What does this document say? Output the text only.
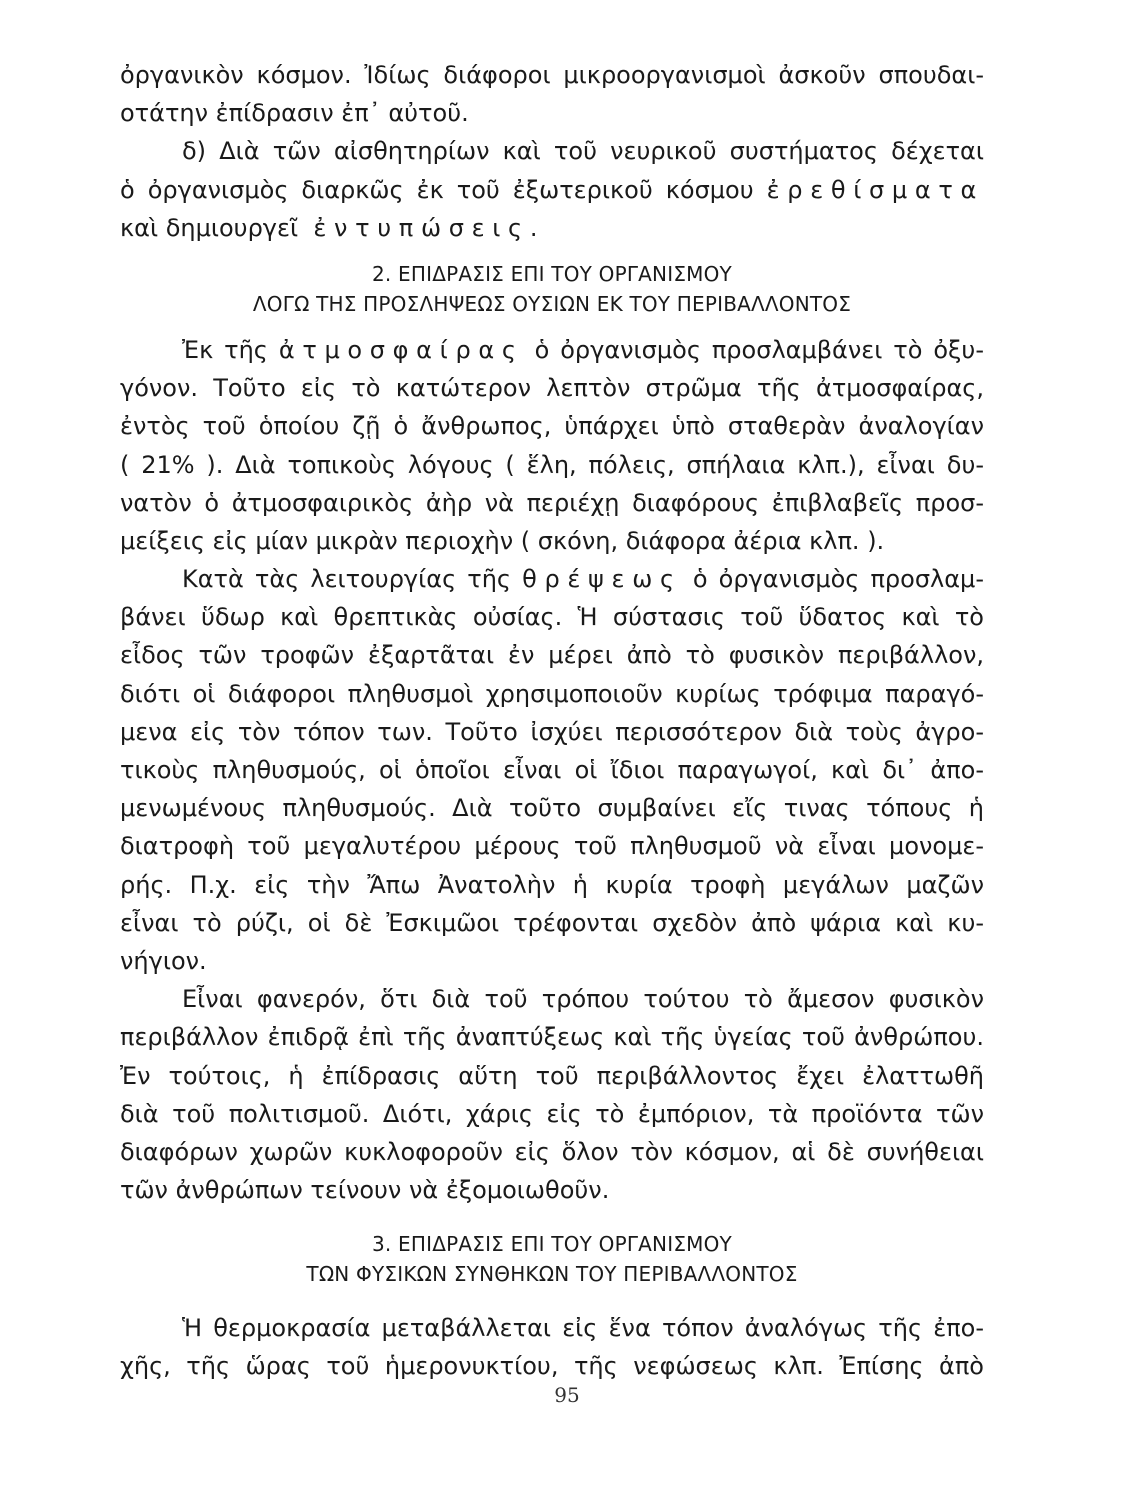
ὀργανικὸν κόσμον. Ἰδίως διάφοροι μικροοργανισμοὶ ἀσκοῦν σπουδαι-
οτάτην ἐπίδρασιν ἐπ᾽ αὐτοῦ.
δ) Διὰ τῶν αἰσθητηρίων καὶ τοῦ νευρικοῦ συστήματος δέχεται
ὁ ὀργανισμὸς διαρκῶς ἐκ τοῦ ἐξωτερικοῦ κόσμου ἐρεθίσματα
καὶ δημιουργεῖ ἐντυπώσεις.
2. ΕΠΙΔΡΑΣΙΣ ΕΠΙ ΤΟΥ ΟΡΓΑΝΙΣΜΟΥ
ΛΟΓΩ ΤΗΣ ΠΡΟΣΛΗΨΕΩΣ ΟΥΣΙΩΝ ΕΚ ΤΟΥ ΠΕΡΙΒΑΛΛΟΝΤΟΣ
Ἐκ τῆς ἀτμοσφαίρας ὁ ὀργανισμὸς προσλαμβάνει τὸ ὀξυ-
γόνον. Τοῦτο εἰς τὸ κατώτερον λεπτὸν στρῶμα τῆς ἀτμοσφαίρας,
ἐντὸς τοῦ ὁποίου ζῇ ὁ ἄνθρωπος, ὑπάρχει ὑπὸ σταθερὰν ἀναλογίαν
( 21% ). Διὰ τοπικοὺς λόγους ( ἕλη, πόλεις, σπήλαια κλπ.), εἶναι δυ-
νατὸν ὁ ἀτμοσφαιρικὸς ἀὴρ νὰ περιέχῃ διαφόρους ἐπιβλαβεῖς προσ-
μείξεις εἰς μίαν μικρὰν περιοχὴν ( σκόνη, διάφορα ἀέρια κλπ. ).
Κατὰ τὰς λειτουργίας τῆς θρέψεως ὁ ὀργανισμὸς προσλαμ-
βάνει ὕδωρ καὶ θρεπτικὰς οὐσίας. Ἡ σύστασις τοῦ ὕδατος καὶ τὸ
εἶδος τῶν τροφῶν ἐξαρτᾶται ἐν μέρει ἀπὸ τὸ φυσικὸν περιβάλλον,
διότι οἱ διάφοροι πληθυσμοὶ χρησιμοποιοῦν κυρίως τρόφιμα παραγό-
μενα εἰς τὸν τόπον των. Τοῦτο ἰσχύει περισσότερον διὰ τοὺς ἀγρο-
τικοὺς πληθυσμούς, οἱ ὁποῖοι εἶναι οἱ ἴδιοι παραγωγοί, καὶ δι᾽ ἀπο-
μενωμένους πληθυσμούς. Διὰ τοῦτο συμβαίνει εἴς τινας τόπους ἡ
διατροφὴ τοῦ μεγαλυτέρου μέρους τοῦ πληθυσμοῦ νὰ εἶναι μονομε-
ρής. Π.χ. εἰς τὴν Ἄπω Ἀνατολὴν ἡ κυρία τροφὴ μεγάλων μαζῶν
εἶναι τὸ ρύζι, οἱ δὲ Ἐσκιμῶοι τρέφονται σχεδὸν ἀπὸ ψάρια καὶ κυ-
νήγιον.
Εἶναι φανερόν, ὅτι διὰ τοῦ τρόπου τούτου τὸ ἄμεσον φυσικὸν
περιβάλλον ἐπιδρᾷ ἐπὶ τῆς ἀναπτύξεως καὶ τῆς ὑγείας τοῦ ἀνθρώπου.
Ἐν τούτοις, ἡ ἐπίδρασις αὕτη τοῦ περιβάλλοντος ἔχει ἐλαττωθῆ
διὰ τοῦ πολιτισμοῦ. Διότι, χάρις εἰς τὸ ἐμπόριον, τὰ προϊόντα τῶν
διαφόρων χωρῶν κυκλοφοροῦν εἰς ὅλον τὸν κόσμον, αἱ δὲ συνήθειαι
τῶν ἀνθρώπων τείνουν νὰ ἐξομοιωθοῦν.
3. ΕΠΙΔΡΑΣΙΣ ΕΠΙ ΤΟΥ ΟΡΓΑΝΙΣΜΟΥ
ΤΩΝ ΦΥΣΙΚΩΝ ΣΥΝΘΗΚΩΝ ΤΟΥ ΠΕΡΙΒΑΛΛΟΝΤΟΣ
Ἡ θερμοκρασία μεταβάλλεται εἰς ἕνα τόπον ἀναλόγως τῆς ἐπο-
χῆς, τῆς ὥρας τοῦ ἡμερονυκτίου, τῆς νεφώσεως κλπ. Ἐπίσης ἀπὸ
95
